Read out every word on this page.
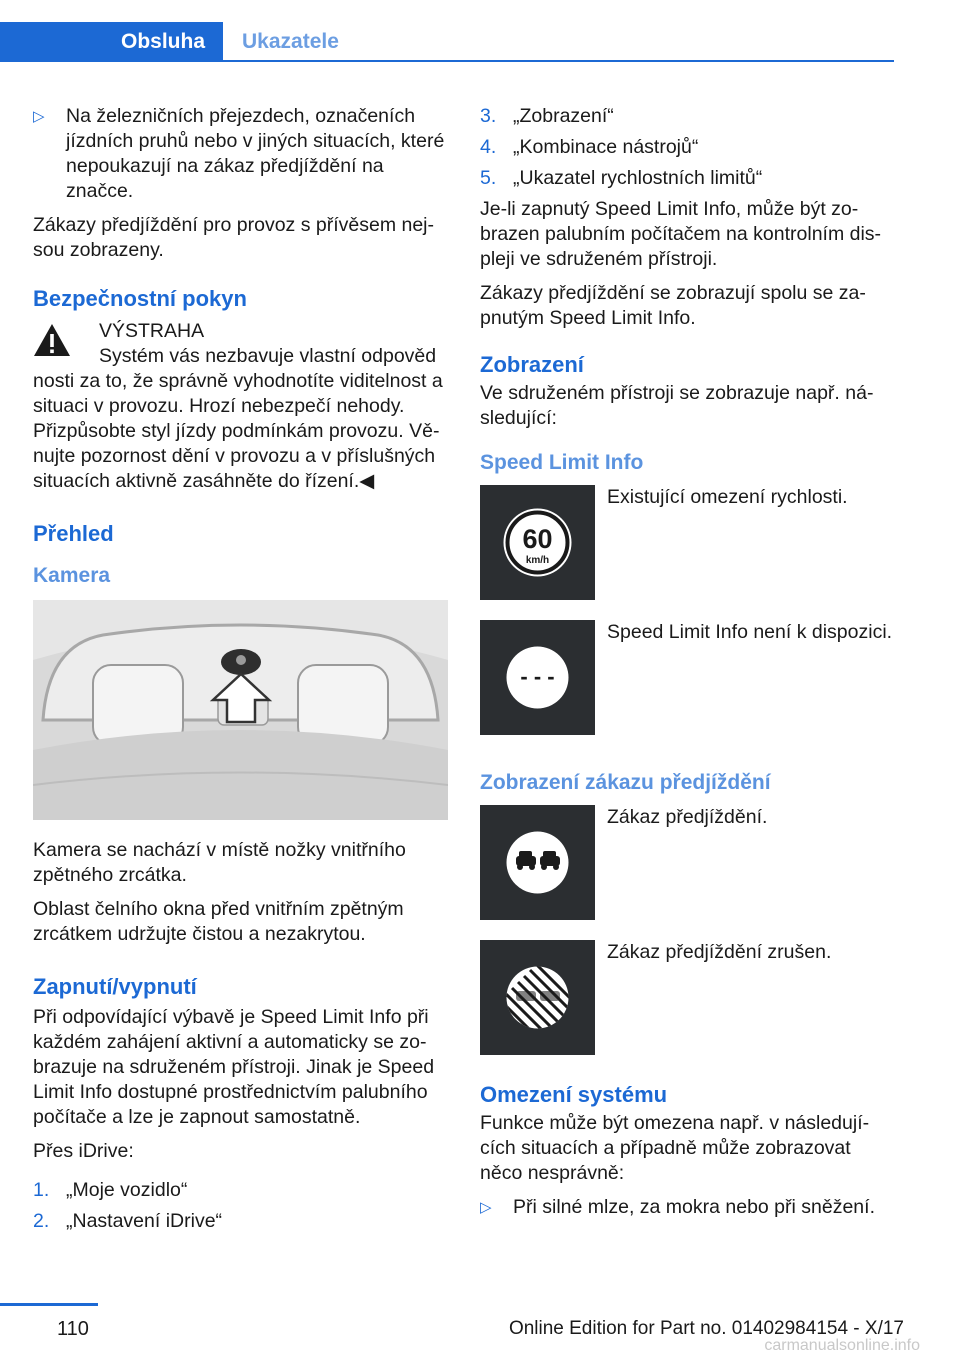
Obsluha	Ukazatele
▷	Na železničních přejezdech, označeních jízdních pruhů nebo v jiných situacích, které nepoukazují na zákaz předjíždění na značce.

Zákazy předjíždění pro provoz s přívěsem nejsou zobrazeny.

Bezpečnostní pokyn
VÝSTRAHA
Systém vás nezbavuje vlastní odpověd
nosti za to, že správně vyhodnotíte viditelnost a situaci v provozu. Hrozí nebezpečí nehody. Přizpůsobte styl jízdy podmínkám provozu. Věnujte pozornost dění v provozu a v příslušných situacích aktivně zasáhněte do řízení.◀
Přehled
Kamera

Kamera se nachází v místě nožky vnitřního zpětného zrcátka.

Oblast čelního okna před vnitřním zpětným zrcátkem udržujte čistou a nezakrytou.

Zapnutí/vypnutí

Při odpovídající výbavě je Speed Limit Info při každém zahájení aktivní a automaticky se zobrazuje na sdruženém přístroji. Jinak je Speed Limit Info dostupné prostřednictvím palubního počítače a lze je zapnout samostatně.

Přes iDrive:

1. „Moje vozidlo“
2. „Nastavení iDrive“
3. „Zobrazení“
4. „Kombinace nástrojů“
5. „Ukazatel rychlostních limitů“

Je-li zapnutý Speed Limit Info, může být zobrazen palubním počítačem na kontrolním displeji ve sdruženém přístroji.

Zákazy předjíždění se zobrazují spolu se zapnutým Speed Limit Info.

Zobrazení

Ve sdruženém přístroji se zobrazuje např. následující:

Speed Limit Info
60
km/h
Existující omezení rychlosti.
- - -
Speed Limit Info není k dispozici.
Zobrazení zákazu předjíždění
Zákaz předjíždění.
Zákaz předjíždění zrušen.
Omezení systému

Funkce může být omezena např. v následujících situacích a případně může zobrazovat něco nesprávně:

▷	Při silné mlze, za mokra nebo při sněžení.
110	Online Edition for Part no. 01402984154 - X/17
carmanualsonline.info
